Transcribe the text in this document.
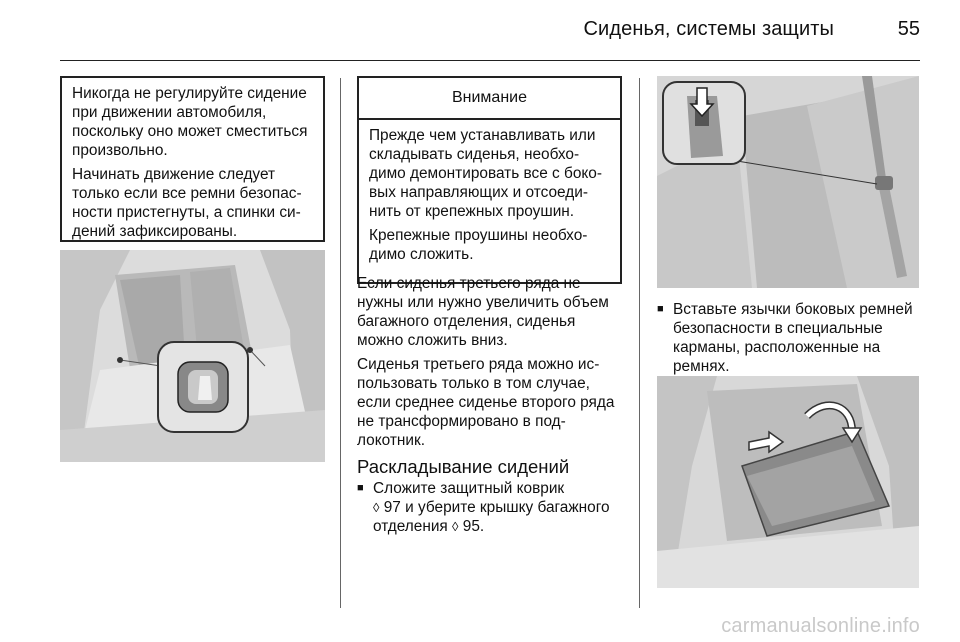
Сиденья, системы защиты	55

Никогда не регулируйте сидение при движении автомобиля, поскольку оно может сместиться произвольно.

Начинать движение следует только если все ремни безопасности пристегнуты, а спинки сидений зафиксированы.

Внимание

Прежде чем устанавливать или складывать сиденья, необходимо демонтировать все с боковых направляющих и отсоединить от крепежных проушин.

Крепежные проушины необходимо сложить.

Если сиденья третьего ряда не нужны или нужно увеличить объем багажного отделения, сиденья можно сложить вниз.

Сиденья третьего ряда можно использовать только в том случае, если среднее сиденье второго ряда не трансформировано в подлокотник.

Раскладывание сидений
■ Сложите защитный коврик
◊ 97 и уберите крышку багажного отделения ◊ 95.
■ Вставьте язычки боковых ремней безопасности в специальные карманы, расположенные на ремнях.
carmanualsonline.info
